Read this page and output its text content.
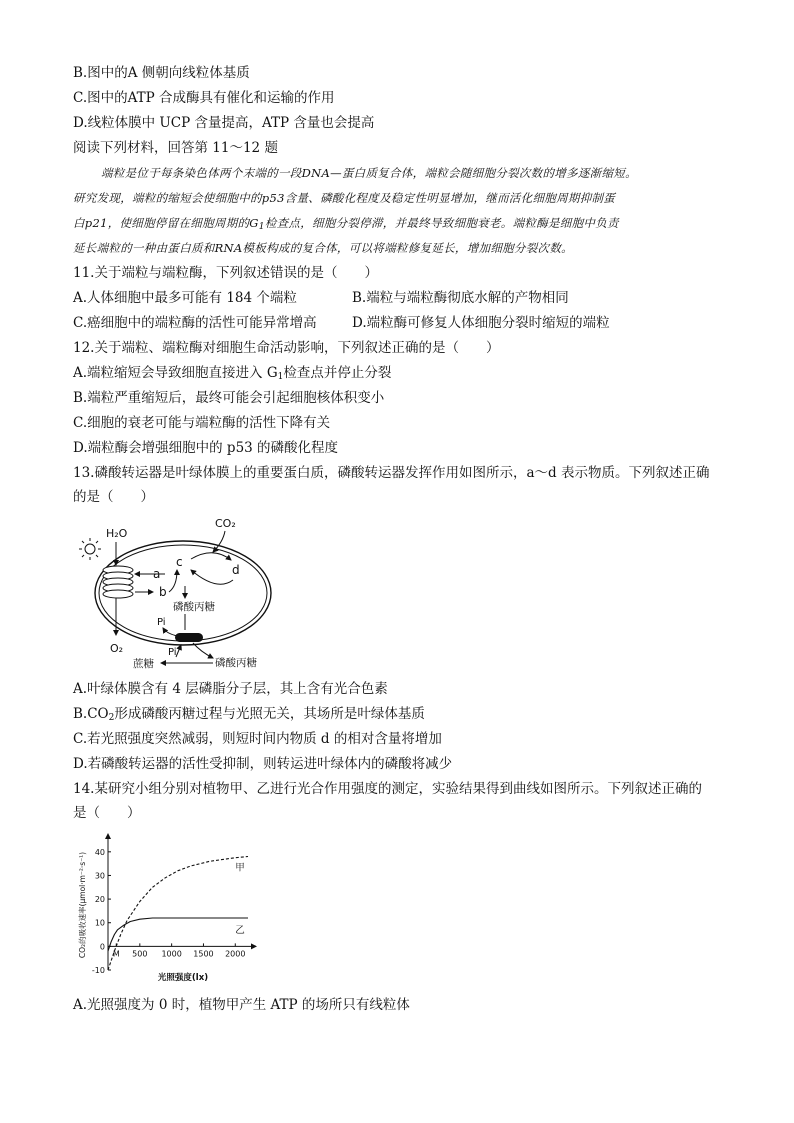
B.图中的A 侧朝向线粒体基质
C.图中的ATP 合成酶具有催化和运输的作用
D.线粒体膜中 UCP 含量提高，ATP 含量也会提高
阅读下列材料，回答第 11～12 题
端粒是位于每条染色体两个末端的一段DNA—蛋白质复合体，端粒会随细胞分裂次数的增多逐渐缩短。
研究发现，端粒的缩短会使细胞中的p53含量、磷酸化程度及稳定性明显增加，继而活化细胞周期抑制蛋
白p21，使细胞停留在细胞周期的$G_1$检查点，细胞分裂停滞，并最终导致细胞衰老。端粒酶是细胞中负责
延长端粒的一种由蛋白质和RNA模板构成的复合体，可以将端粒修复延长，增加细胞分裂次数。
11.关于端粒与端粒酶，下列叙述错误的是（　　）
A.人体细胞中最多可能有 184 个端粒	B.端粒与端粒酶彻底水解的产物相同
C.癌细胞中的端粒酶的活性可能异常增高	D.端粒酶可修复人体细胞分裂时缩短的端粒
12.关于端粒、端粒酶对细胞生命活动影响，下列叙述正确的是（　　）
A.端粒缩短会导致细胞直接进入 $G_1$检查点并停止分裂
B.端粒严重缩短后，最终可能会引起细胞核体积变小
C.细胞的衰老可能与端粒酶的活性下降有关
D.端粒酶会增强细胞中的 p53 的磷酸化程度
13.磷酸转运器是叶绿体膜上的重要蛋白质，磷酸转运器发挥作用如图所示，a～d 表示物质。下列叙述正确
的是（　　）
H₂O
O₂
a
b
c
d
CO₂
磷酸丙糖
Pi
磷酸丙糖
Pi
蔗糖
A.叶绿体膜含有 4 层磷脂分子层，其上含有光合色素
$B.CO_2$形成磷酸丙糖过程与光照无关，其场所是叶绿体基质
C.若光照强度突然减弱，则短时间内物质 d 的相对含量将增加
D.若磷酸转运器的活性受抑制，则转运进叶绿体内的磷酸将减少
14.某研究小组分别对植物甲、乙进行光合作用强度的测定，实验结果得到曲线如图所示。下列叙述正确的
是（　　）
40
30
20
10
0
-10
M 500 1000 1500 2000
光照强度(lx)
CO₂的吸收速率(μmol·m⁻²·s⁻¹)	甲
乙
A.光照强度为 0 时，植物甲产生 ATP 的场所只有线粒体
